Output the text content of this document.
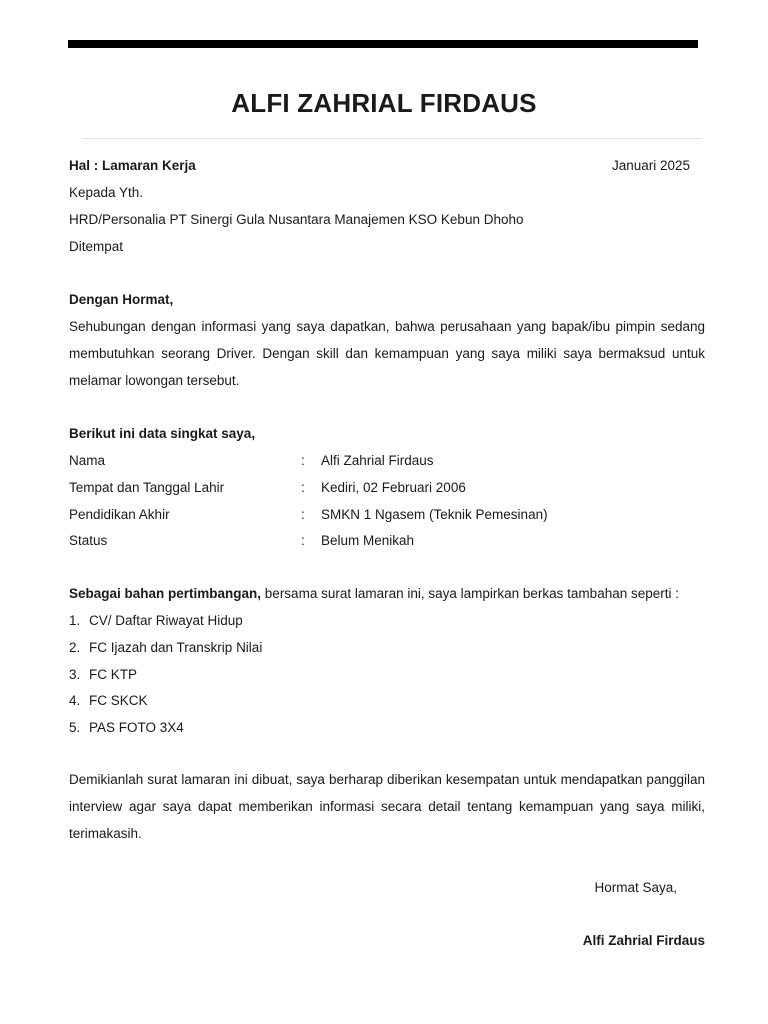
ALFI ZAHRIAL FIRDAUS
Hal : Lamaran Kerja	Januari 2025
Kepada Yth.
HRD/Personalia PT Sinergi Gula Nusantara Manajemen KSO Kebun Dhoho
Ditempat
Dengan Hormat,
Sehubungan dengan informasi yang saya dapatkan, bahwa perusahaan yang bapak/ibu pimpin sedang membutuhkan seorang Driver. Dengan skill dan kemampuan yang saya miliki saya bermaksud untuk melamar lowongan tersebut.
Berikut ini data singkat saya,
Nama	: Alfi Zahrial Firdaus
Tempat dan Tanggal Lahir	: Kediri, 02 Februari 2006
Pendidikan Akhir	: SMKN 1 Ngasem (Teknik Pemesinan)
Status	: Belum Menikah
Sebagai bahan pertimbangan, bersama surat lamaran ini, saya lampirkan berkas tambahan seperti :
1. CV/ Daftar Riwayat Hidup
2. FC Ijazah dan Transkrip Nilai
3. FC KTP
4. FC SKCK
5. PAS FOTO 3X4
Demikianlah surat lamaran ini dibuat, saya berharap diberikan kesempatan untuk mendapatkan panggilan interview agar saya dapat memberikan informasi secara detail tentang kemampuan yang saya miliki, terimakasih.
Hormat Saya,
Alfi Zahrial Firdaus
